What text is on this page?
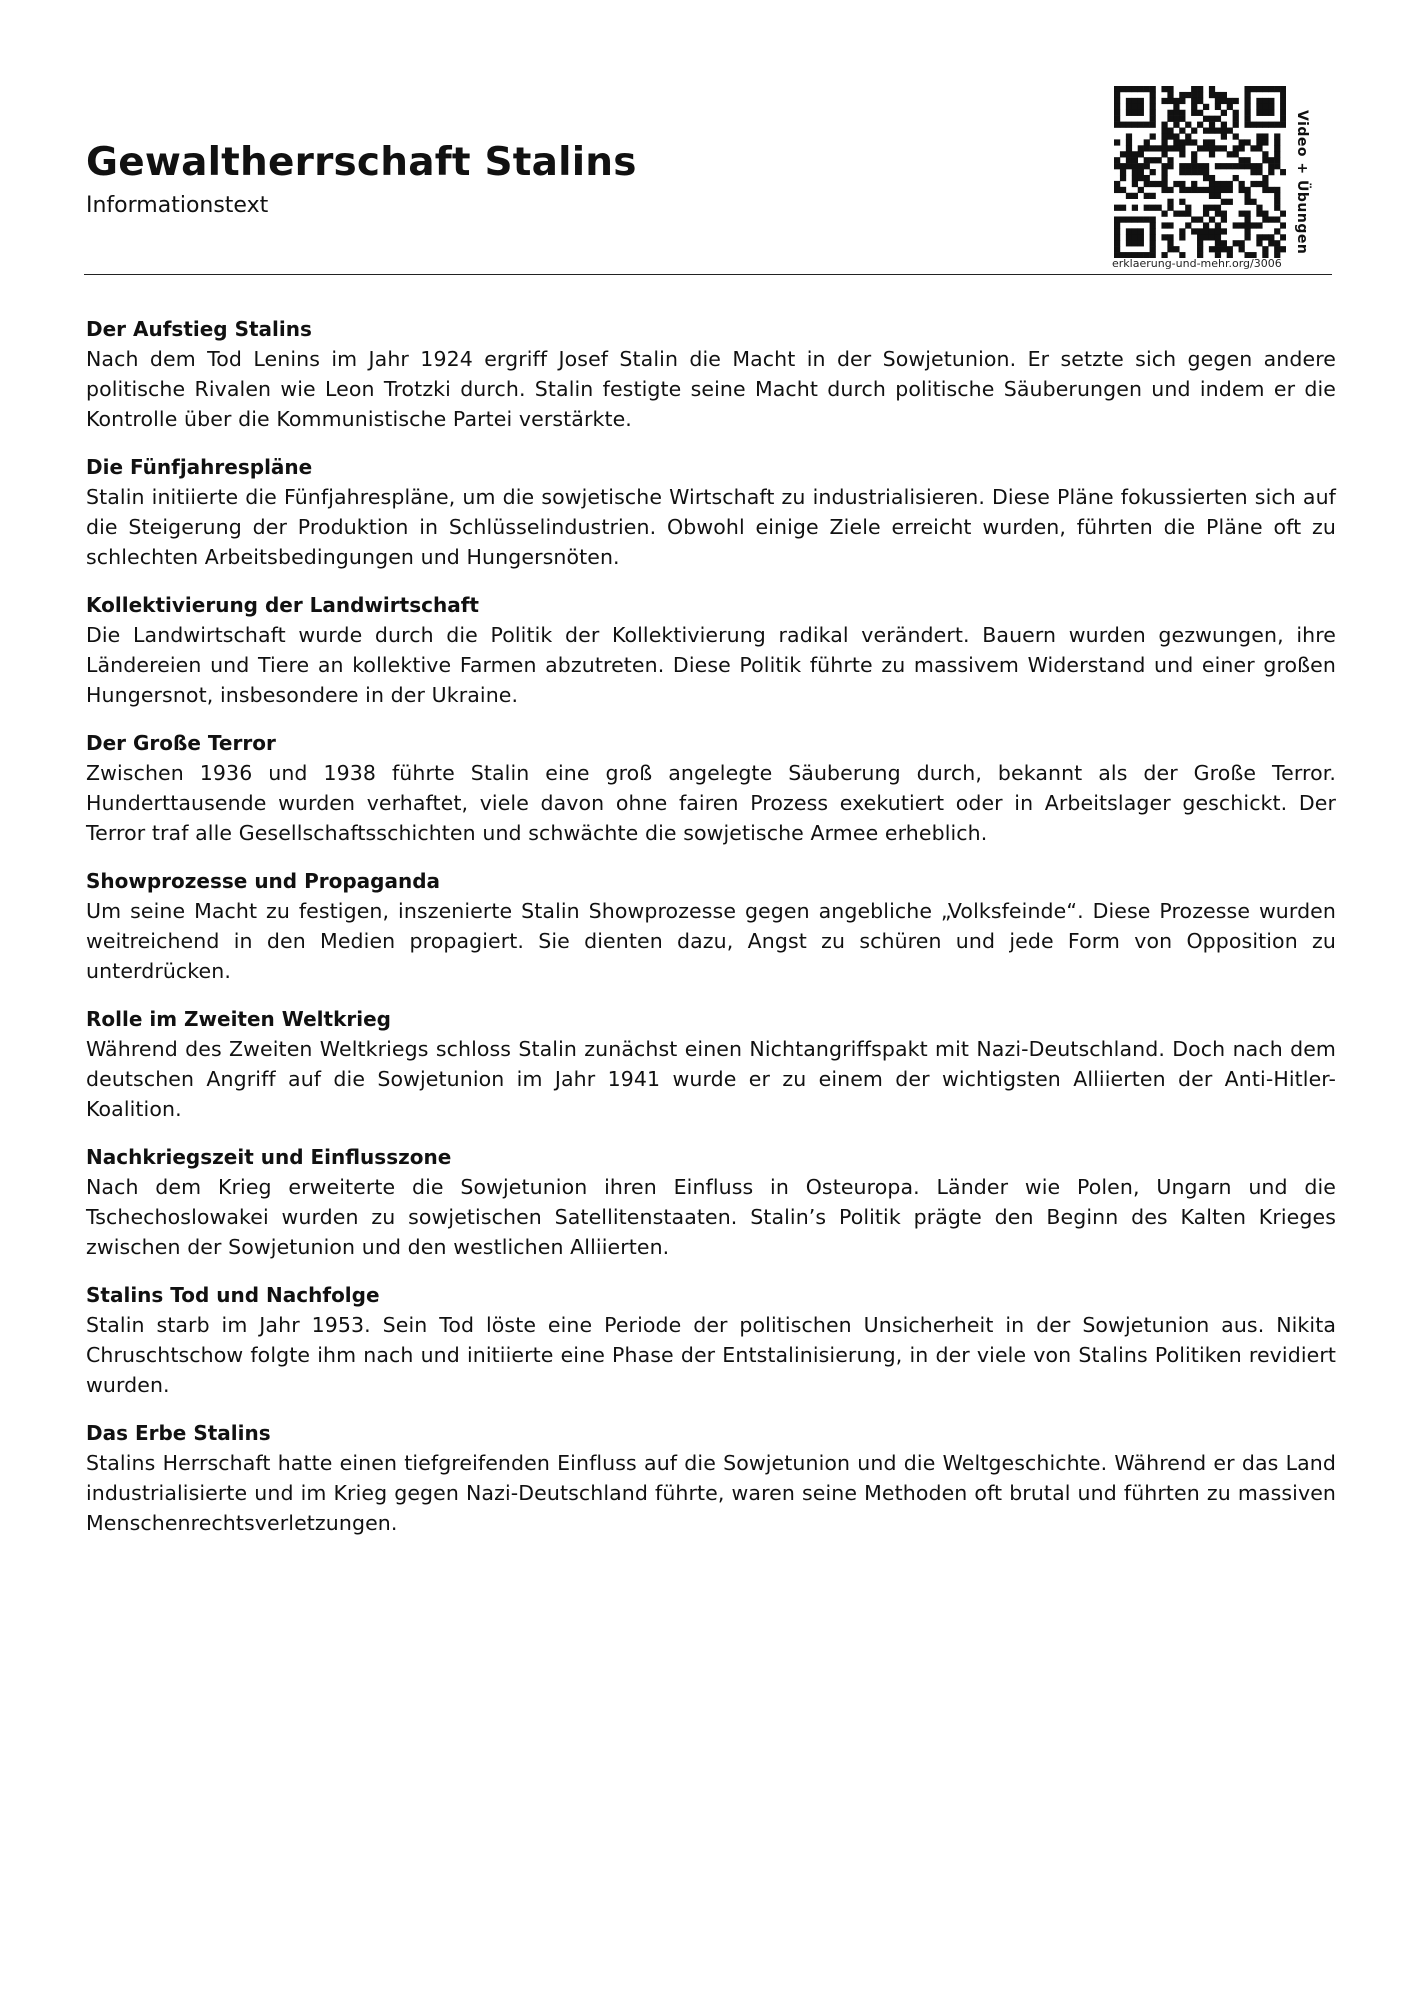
Gewaltherrschaft Stalins

Informationstext

erklaerung-und-mehr.org/3006
Video + Übungen

Der Aufstieg Stalins

Nach dem Tod Lenins im Jahr 1924 ergriff Josef Stalin die Macht in der Sowjetunion. Er setzte sich gegen andere politische Rivalen wie Leon Trotzki durch. Stalin festigte seine Macht durch politische Säuberungen und indem er die Kontrolle über die Kommunistische Partei verstärkte.

Die Fünfjahrespläne

Stalin initiierte die Fünfjahrespläne, um die sowjetische Wirtschaft zu industrialisieren. Diese Pläne fokussierten sich auf die Steigerung der Produktion in Schlüsselindustrien. Obwohl einige Ziele erreicht wurden, führten die Pläne oft zu schlechten Arbeitsbedingungen und Hungersnöten.

Kollektivierung der Landwirtschaft

Die Landwirtschaft wurde durch die Politik der Kollektivierung radikal verändert. Bauern wurden gezwungen, ihre Ländereien und Tiere an kollektive Farmen abzutreten. Diese Politik führte zu massivem Widerstand und einer großen Hungersnot, insbesondere in der Ukraine.

Der Große Terror

Zwischen 1936 und 1938 führte Stalin eine groß angelegte Säuberung durch, bekannt als der Große Terror. Hunderttausende wurden verhaftet, viele davon ohne fairen Prozess exekutiert oder in Arbeitslager geschickt. Der Terror traf alle Gesellschaftsschichten und schwächte die sowjetische Armee erheblich.

Showprozesse und Propaganda

Um seine Macht zu festigen, inszenierte Stalin Showprozesse gegen angebliche „Volksfeinde“. Diese Prozesse wurden weitreichend in den Medien propagiert. Sie dienten dazu, Angst zu schüren und jede Form von Opposition zu unterdrücken.

Rolle im Zweiten Weltkrieg

Während des Zweiten Weltkriegs schloss Stalin zunächst einen Nichtangriffspakt mit Nazi-Deutschland. Doch nach dem deutschen Angriff auf die Sowjetunion im Jahr 1941 wurde er zu einem der wichtigsten Alliierten der Anti-Hitler-Koalition.

Nachkriegszeit und Einflusszone

Nach dem Krieg erweiterte die Sowjetunion ihren Einfluss in Osteuropa. Länder wie Polen, Ungarn und die Tschechoslowakei wurden zu sowjetischen Satellitenstaaten. Stalin’s Politik prägte den Beginn des Kalten Krieges zwischen der Sowjetunion und den westlichen Alliierten.

Stalins Tod und Nachfolge

Stalin starb im Jahr 1953. Sein Tod löste eine Periode der politischen Unsicherheit in der Sowjetunion aus. Nikita Chruschtschow folgte ihm nach und initiierte eine Phase der Entstalinisierung, in der viele von Stalins Politiken revidiert wurden.

Das Erbe Stalins

Stalins Herrschaft hatte einen tiefgreifenden Einfluss auf die Sowjetunion und die Weltgeschichte. Während er das Land industrialisierte und im Krieg gegen Nazi-Deutschland führte, waren seine Methoden oft brutal und führten zu massiven Menschenrechtsverletzungen.
